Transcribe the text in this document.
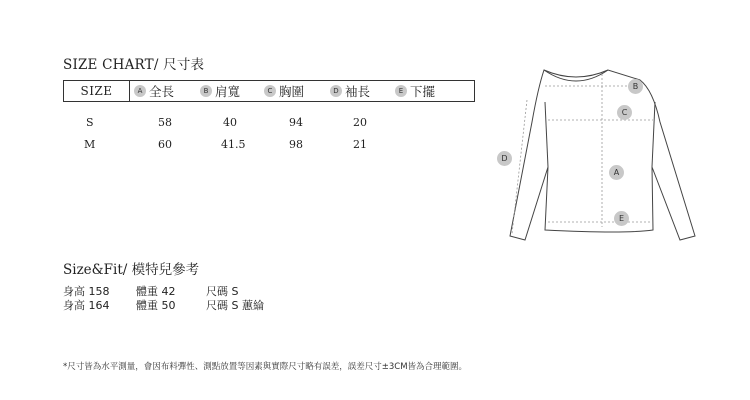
SIZE CHART/ 尺寸表
SIZE	A 全長	B 肩寬	C 胸圍	D 袖長	E 下擺
S	58	40	94	20
M	60	41.5	98	21
Size&Fit/ 模特兒參考
身高 158 體重 42	尺碼 S
身高 164 體重 50	尺碼 S 蕙綸
*尺寸皆為水平測量，會因布料彈性、測點放置等因素與實際尺寸略有誤差，誤差尺寸±3CM皆為合理範圍。
B
C
D
A
E
